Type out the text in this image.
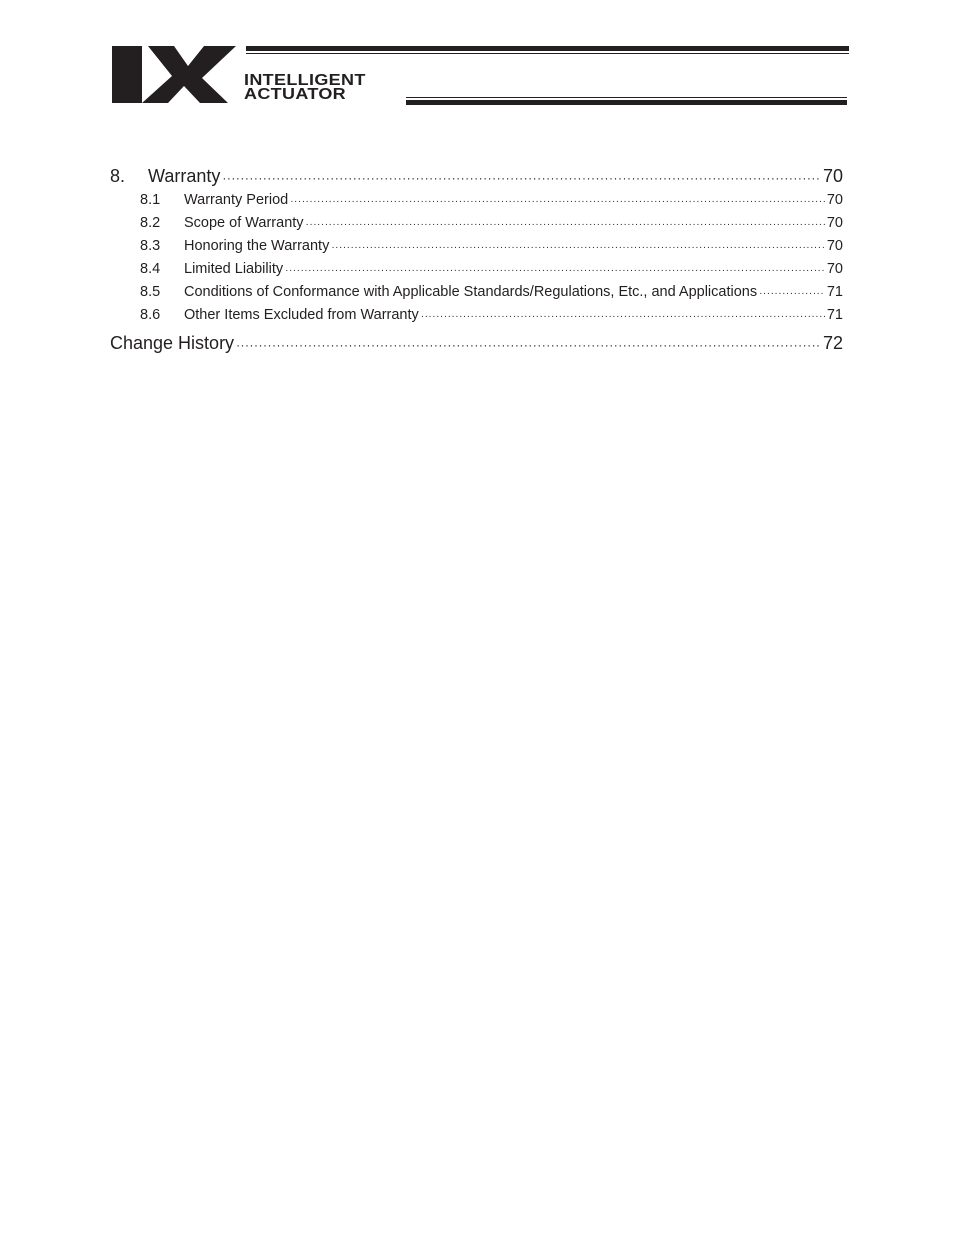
INTELLIGENT
ACTUATOR
8.	Warranty ·····	70
8.1	Warranty Period ·····	70
8.2	Scope of Warranty ·····	70
8.3	Honoring the Warranty ·····	70
8.4	Limited Liability ·····	70
8.5	Conditions of Conformance with Applicable Standards/Regulations, Etc., and Applications ·····	71
8.6	Other Items Excluded from Warranty ·····	71
Change History ·····	72
